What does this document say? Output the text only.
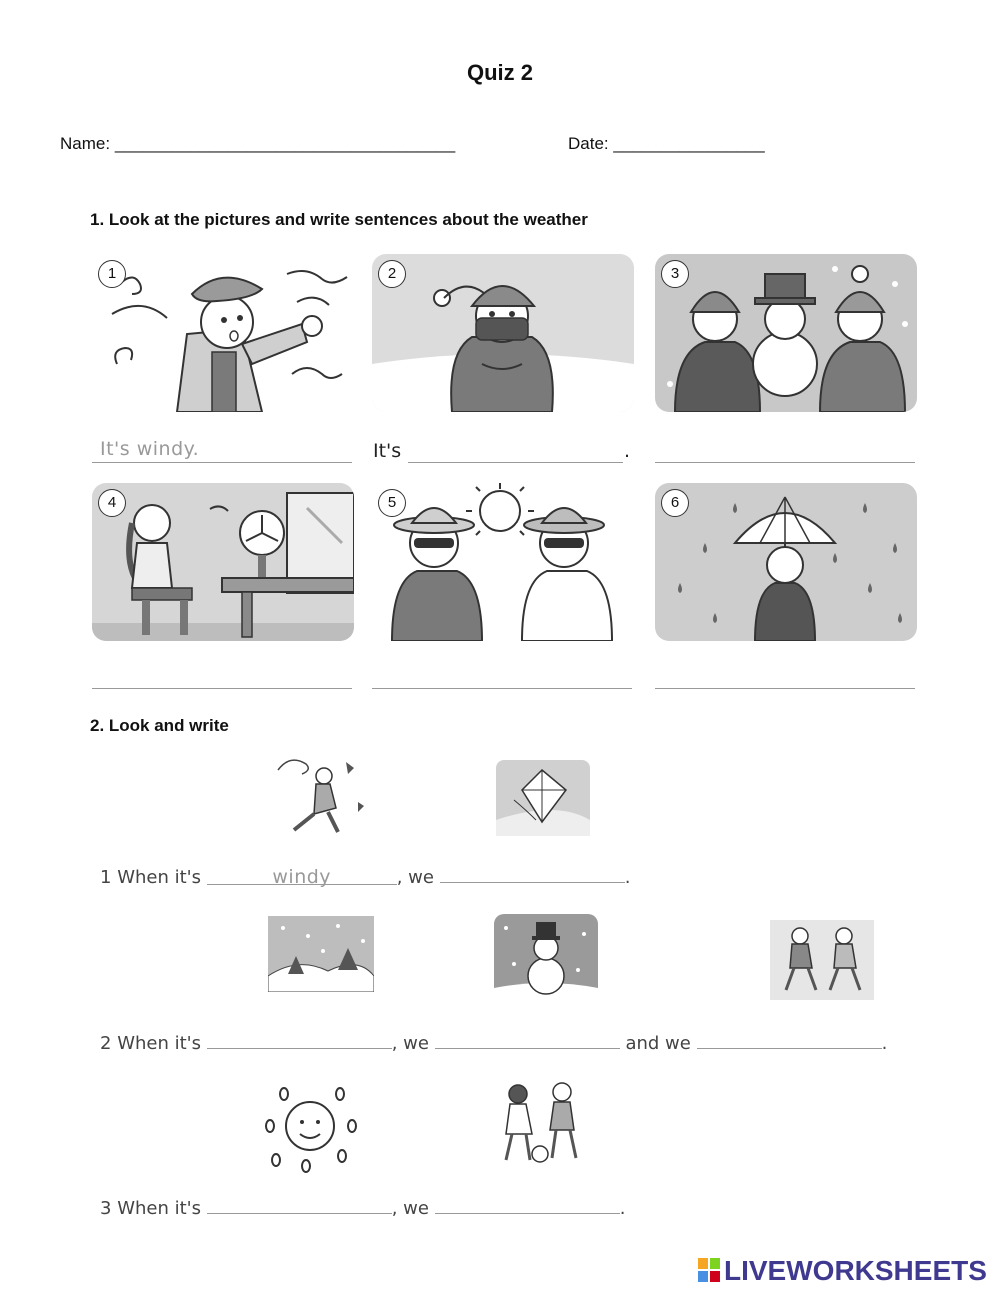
Quiz 2
Name: ____________________________________	Date: ________________
1. Look at the pictures and write sentences about the weather
1	2	3
It's windy.	It's	.
4	5	6
2. Look and write
1 When it's	windy	, we	.
2 When it's	, we	and we	.
3 When it's	, we	.
LIVEWORKSHEETS
